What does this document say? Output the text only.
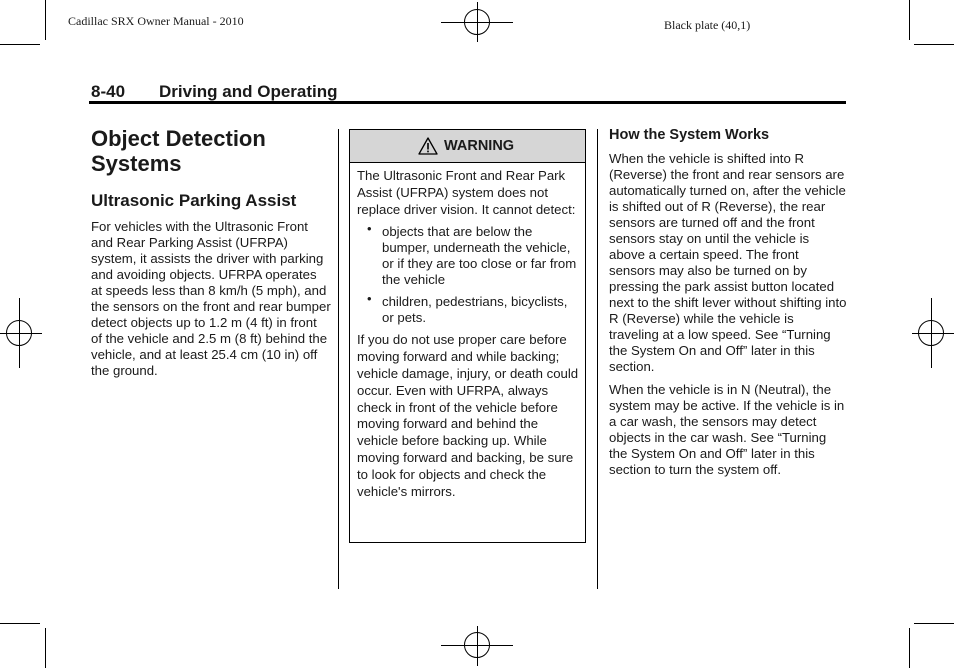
Cadillac SRX Owner Manual - 2010	Black plate (40,1)
8-40 Driving and Operating
Object Detection Systems
Ultrasonic Parking Assist
For vehicles with the Ultrasonic Front and Rear Parking Assist (UFRPA) system, it assists the driver with parking and avoiding objects. UFRPA operates at speeds less than 8 km/h (5 mph), and the sensors on the front and rear bumper detect objects up to 1.2 m (4 ft) in front of the vehicle and 2.5 m (8 ft) behind the vehicle, and at least 25.4 cm (10 in) off the ground.
WARNING

The Ultrasonic Front and Rear Park Assist (UFRPA) system does not replace driver vision. It cannot detect:

• objects that are below the bumper, underneath the vehicle, or if they are too close or far from the vehicle
• children, pedestrians, bicyclists, or pets.

If you do not use proper care before moving forward and while backing; vehicle damage, injury, or death could occur. Even with UFRPA, always check in front of the vehicle before moving forward and behind the vehicle before backing up. While moving forward and backing, be sure to look for objects and check the vehicle's mirrors.

How the System Works

When the vehicle is shifted into R (Reverse) the front and rear sensors are automatically turned on, after the vehicle is shifted out of R (Reverse), the rear sensors are turned off and the front sensors stay on until the vehicle is above a certain speed. The front sensors may also be turned on by pressing the park assist button located next to the shift lever without shifting into R (Reverse) while the vehicle is traveling at a low speed. See “Turning the System On and Off” later in this section.

When the vehicle is in N (Neutral), the system may be active. If the vehicle is in a car wash, the sensors may detect objects in the car wash. See “Turning the System On and Off” later in this section to turn the system off.
